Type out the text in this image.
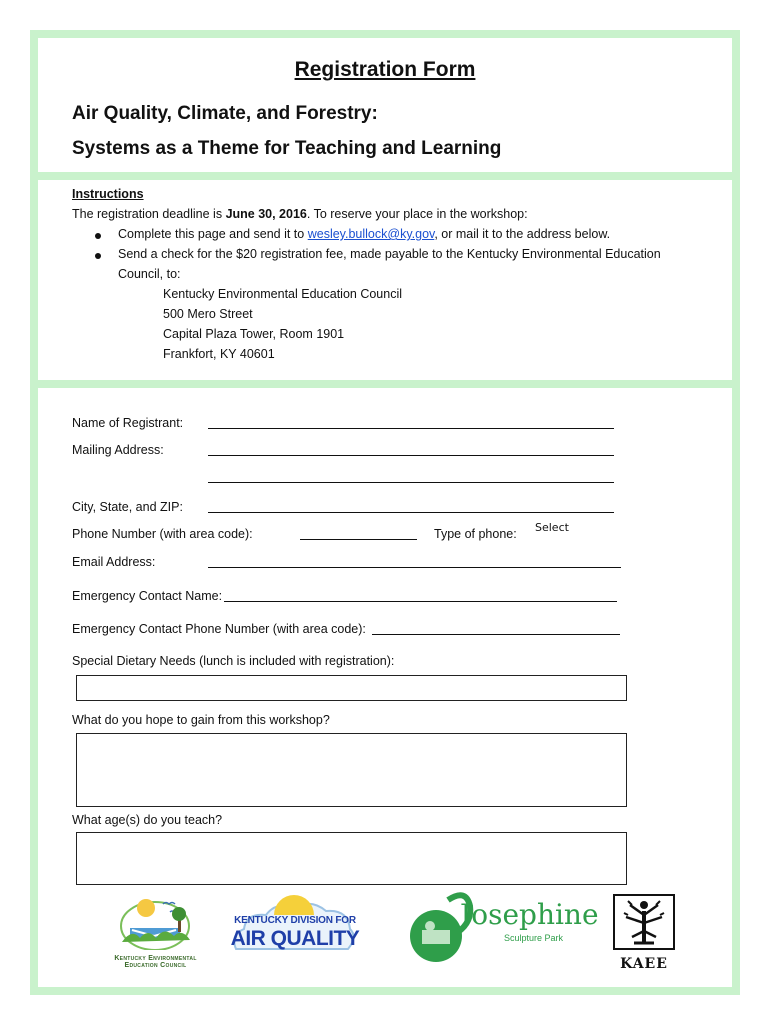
Registration Form
Air Quality, Climate, and Forestry:
Systems as a Theme for Teaching and Learning
Instructions
The registration deadline is June 30, 2016. To reserve your place in the workshop:
Complete this page and send it to wesley.bullock@ky.gov, or mail it to the address below.
Send a check for the $20 registration fee, made payable to the Kentucky Environmental Education
Council, to:
Kentucky Environmental Education Council
500 Mero Street
Capital Plaza Tower, Room 1901
Frankfort, KY 40601
Name of Registrant:
Mailing Address:
City, State, and ZIP:
Phone Number (with area code):	Type of phone: Select
Email Address:
Emergency Contact Name:
Emergency Contact Phone Number (with area code):
Special Dietary Needs (lunch is included with registration):
What do you hope to gain from this workshop?
What age(s) do you teach?
Kentucky Environmental
Education Council
KENTUCKY DIVISION FOR
AIR QUALITY
Josephine
Sculpture Park
KAEE
